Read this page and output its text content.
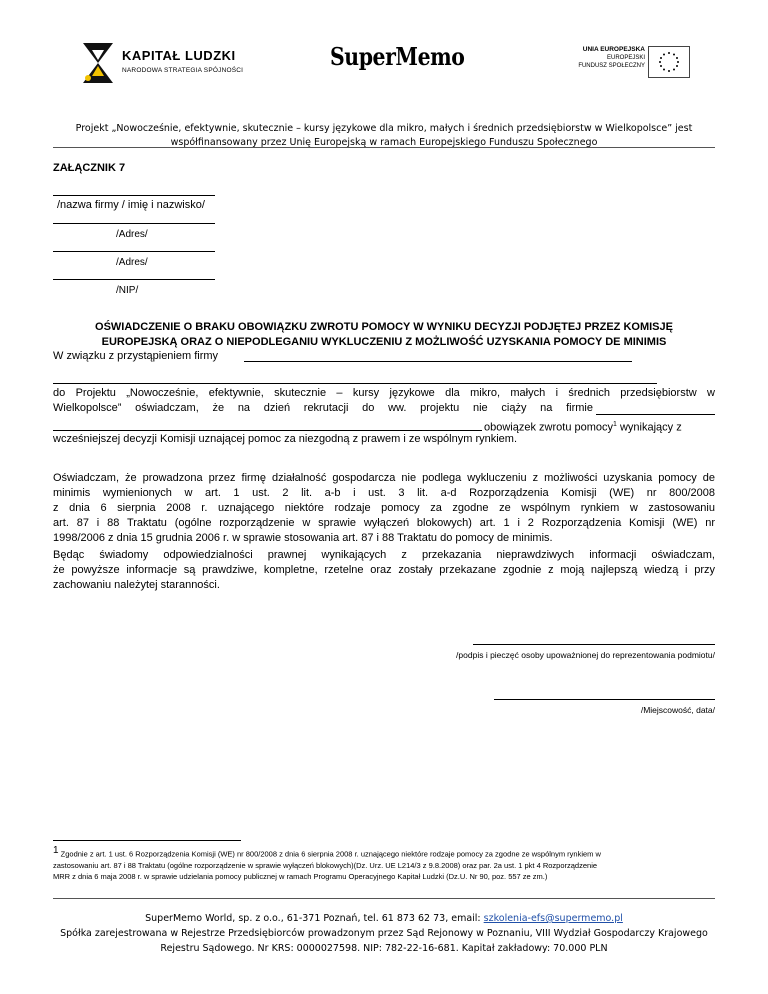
KAPITAŁ LUDZKI
NARODOWA STRATEGIA SPÓJNOŚCI	SuperMemo	UNIA EUROPEJSKA
EUROPEJSKI
FUNDUSZ SPOŁECZNY
Projekt „Nowocześnie, efektywnie, skutecznie – kursy językowe dla mikro, małych i średnich przedsiębiorstw w Wielkopolsce” jest
współfinansowany przez Unię Europejską w ramach Europejskiego Funduszu Społecznego
ZAŁĄCZNIK 7
/nazwa firmy / imię i nazwisko/
/Adres/
/Adres/
/NIP/
OŚWIADCZENIE O BRAKU OBOWIĄZKU ZWROTU POMOCY W WYNIKU DECYZJI PODJĘTEJ PRZEZ KOMISJĘ
EUROPEJSKĄ ORAZ O NIEPODLEGANIU WYKLUCZENIU Z MOŻLIWOŚĆ UZYSKANIA POMOCY DE MINIMIS
W związku z przystąpieniem firmy
do Projektu „Nowocześnie, efektywnie, skutecznie – kursy językowe dla mikro, małych i średnich przedsiębiorstw w
Wielkopolsce” oświadczam, że na dzień rekrutacji do ww. projektu nie ciąży na firmie
obowiązek zwrotu pomocy$^1$ wynikający z
wcześniejszej decyzji Komisji uznającej pomoc za niezgodną z prawem i ze wspólnym rynkiem.
Oświadczam, że prowadzona przez firmę działalność gospodarcza nie podlega wykluczeniu z możliwości uzyskania pomocy de
minimis wymienionych w art. 1 ust. 2 lit. a-b i ust. 3 lit. a-d Rozporządzenia Komisji (WE) nr 800/2008
z dnia 6 sierpnia 2008 r. uznającego niektóre rodzaje pomocy za zgodne ze wspólnym rynkiem w zastosowaniu
art. 87 i 88 Traktatu (ogólne rozporządzenie w sprawie wyłączeń blokowych) art. 1 i 2 Rozporządzenia Komisji (WE) nr
1998/2006 z dnia 15 grudnia 2006 r. w sprawie stosowania art. 87 i 88 Traktatu do pomocy de minimis.
Będąc świadomy odpowiedzialności prawnej wynikających z przekazania nieprawdziwych informacji oświadczam,
że powyższe informacje są prawdziwe, kompletne, rzetelne oraz zostały przekazane zgodnie z moją najlepszą wiedzą i przy
zachowaniu należytej staranności.
/podpis i pieczęć osoby upoważnionej do reprezentowania podmiotu/
/Miejscowość, data/
$^1$ Zgodnie z art. 1 ust. 6 Rozporządzenia Komisji (WE) nr 800/2008 z dnia 6 sierpnia 2008 r. uznającego niektóre rodzaje pomocy za zgodne ze wspólnym rynkiem w
zastosowaniu art. 87 i 88 Traktatu (ogólne rozporządzenie w sprawie wyłączeń blokowych)(Dz. Urz. UE L214/3 z 9.8.2008) oraz par. 2a ust. 1 pkt 4 Rozporządzenie
MRR z dnia 6 maja 2008 r. w sprawie udzielania pomocy publicznej w ramach Programu Operacyjnego Kapitał Ludzki (Dz.U. Nr 90, poz. 557 ze zm.)
SuperMemo World, sp. z o.o., 61-371 Poznań, tel. 61 873 62 73, email: szkolenia-efs@supermemo.pl
Spółka zarejestrowana w Rejestrze Przedsiębiorców prowadzonym przez Sąd Rejonowy w Poznaniu, VIII Wydział Gospodarczy Krajowego
Rejestru Sądowego. Nr KRS: 0000027598. NIP: 782-22-16-681. Kapitał zakładowy: 70.000 PLN
